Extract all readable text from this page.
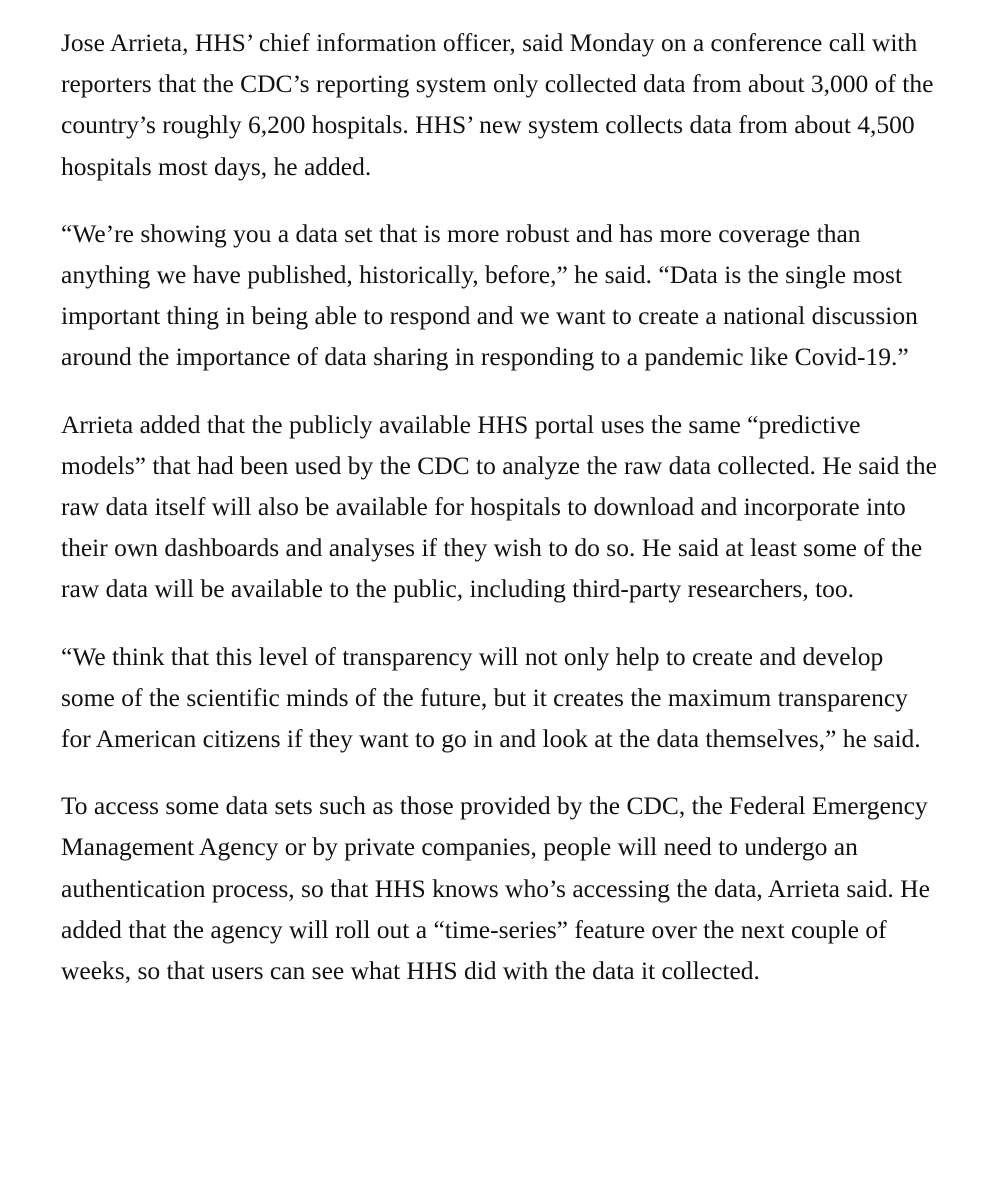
Jose Arrieta, HHS’ chief information officer, said Monday on a conference call with reporters that the CDC’s reporting system only collected data from about 3,000 of the country’s roughly 6,200 hospitals. HHS’ new system collects data from about 4,500 hospitals most days, he added.

“We’re showing you a data set that is more robust and has more coverage than anything we have published, historically, before,” he said. “Data is the single most important thing in being able to respond and we want to create a national discussion around the importance of data sharing in responding to a pandemic like Covid-19.”

Arrieta added that the publicly available HHS portal uses the same “predictive models” that had been used by the CDC to analyze the raw data collected. He said the raw data itself will also be available for hospitals to download and incorporate into their own dashboards and analyses if they wish to do so. He said at least some of the raw data will be available to the public, including third-party researchers, too.

“We think that this level of transparency will not only help to create and develop some of the scientific minds of the future, but it creates the maximum transparency for American citizens if they want to go in and look at the data themselves,” he said.

To access some data sets such as those provided by the CDC, the Federal Emergency Management Agency or by private companies, people will need to undergo an authentication process, so that HHS knows who’s accessing the data, Arrieta said. He added that the agency will roll out a “time-series” feature over the next couple of weeks, so that users can see what HHS did with the data it collected.
